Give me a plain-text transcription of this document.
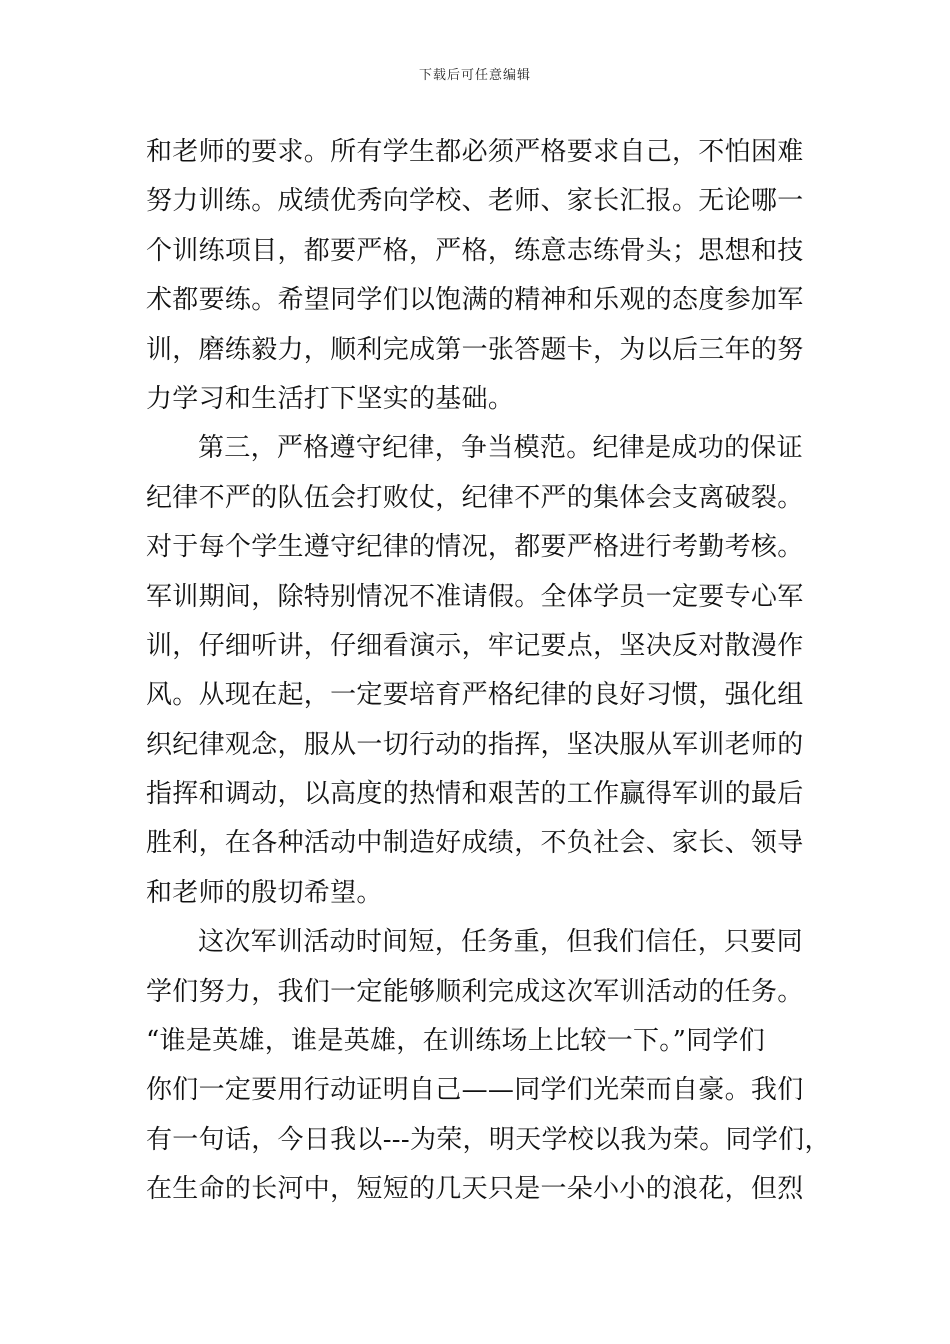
下载后可任意编辑
和老师的要求。所有学生都必须严格要求自己，不怕困难
努力训练。成绩优秀向学校、老师、家长汇报。无论哪一
个训练项目，都要严格，严格，练意志练骨头；思想和技
术都要练。希望同学们以饱满的精神和乐观的态度参加军
训，磨练毅力，顺利完成第一张答题卡，为以后三年的努
力学习和生活打下坚实的基础。
第三，严格遵守纪律，争当模范。纪律是成功的保证
纪律不严的队伍会打败仗，纪律不严的集体会支离破裂。
对于每个学生遵守纪律的情况，都要严格进行考勤考核。
军训期间，除特别情况不准请假。全体学员一定要专心军
训，仔细听讲，仔细看演示，牢记要点，坚决反对散漫作
风。从现在起，一定要培育严格纪律的良好习惯，强化组
织纪律观念，服从一切行动的指挥，坚决服从军训老师的
指挥和调动，以高度的热情和艰苦的工作赢得军训的最后
胜利，在各种活动中制造好成绩，不负社会、家长、领导
和老师的殷切希望。
这次军训活动时间短，任务重，但我们信任，只要同
学们努力，我们一定能够顺利完成这次军训活动的任务。
“谁是英雄，谁是英雄，在训练场上比较一下。”同学们
你们一定要用行动证明自己——同学们光荣而自豪。我们
有一句话，今日我以---为荣，明天学校以我为荣。同学们，
在生命的长河中，短短的几天只是一朵小小的浪花，但烈
